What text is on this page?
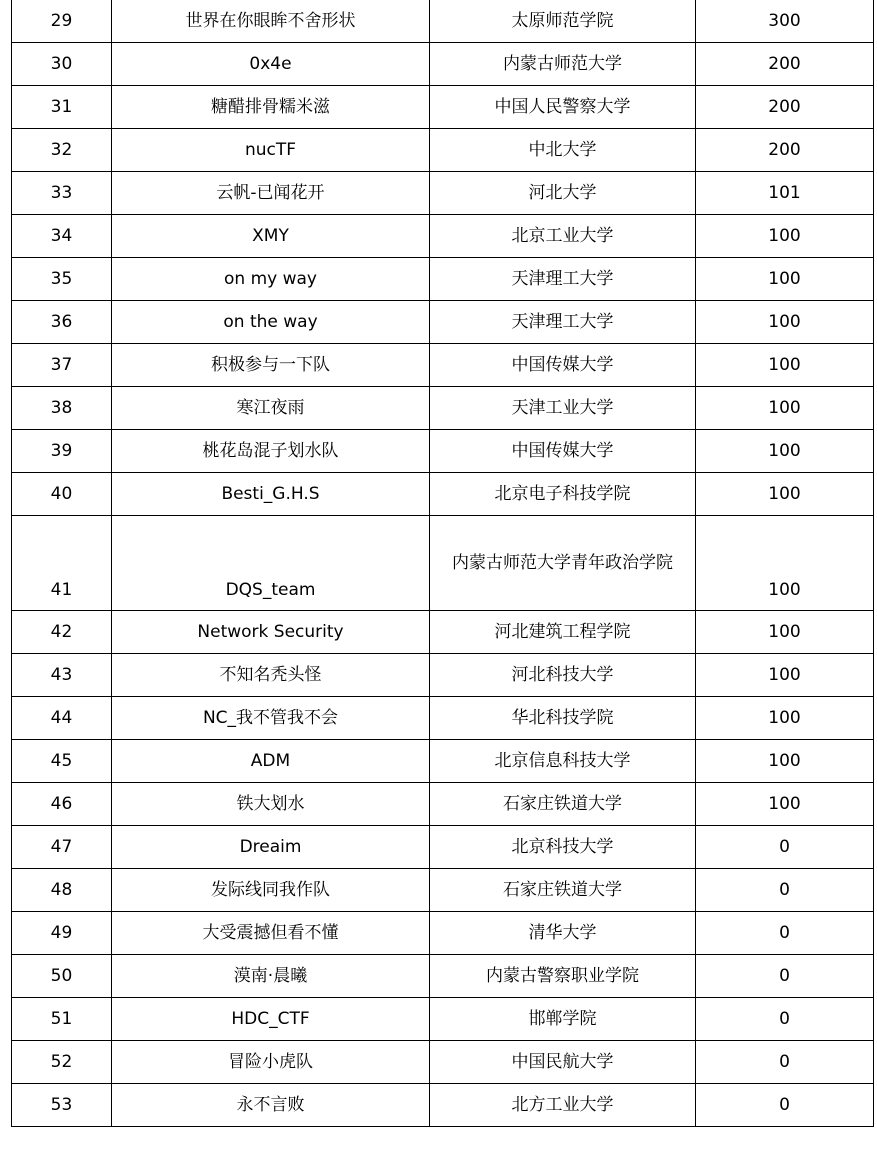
29	世界在你眼眸不舍形状	太原师范学院	300
30	0x4e	内蒙古师范大学	200
31	糖醋排骨糯米滋	中国人民警察大学	200
32	nucTF	中北大学	200
33	云帆-已闻花开	河北大学	101
34	XMY	北京工业大学	100
35	on my way	天津理工大学	100
36	on the way	天津理工大学	100
37	积极参与一下队	中国传媒大学	100
38	寒江夜雨	天津工业大学	100
39	桃花岛混子划水队	中国传媒大学	100
40	Besti_G.H.S	北京电子科技学院	100
41	DQS_team	内蒙古师范大学青年政治学院	100
42	Network Security	河北建筑工程学院	100
43	不知名秃头怪	河北科技大学	100
44	NC_我不管我不会	华北科技学院	100
45	ADM	北京信息科技大学	100
46	铁大划水	石家庄铁道大学	100
47	Dreaim	北京科技大学	0
48	发际线同我作队	石家庄铁道大学	0
49	大受震撼但看不懂	清华大学	0
50	漠南·晨曦	内蒙古警察职业学院	0
51	HDC_CTF	邯郸学院	0
52	冒险小虎队	中国民航大学	0
53	永不言败	北方工业大学	0
